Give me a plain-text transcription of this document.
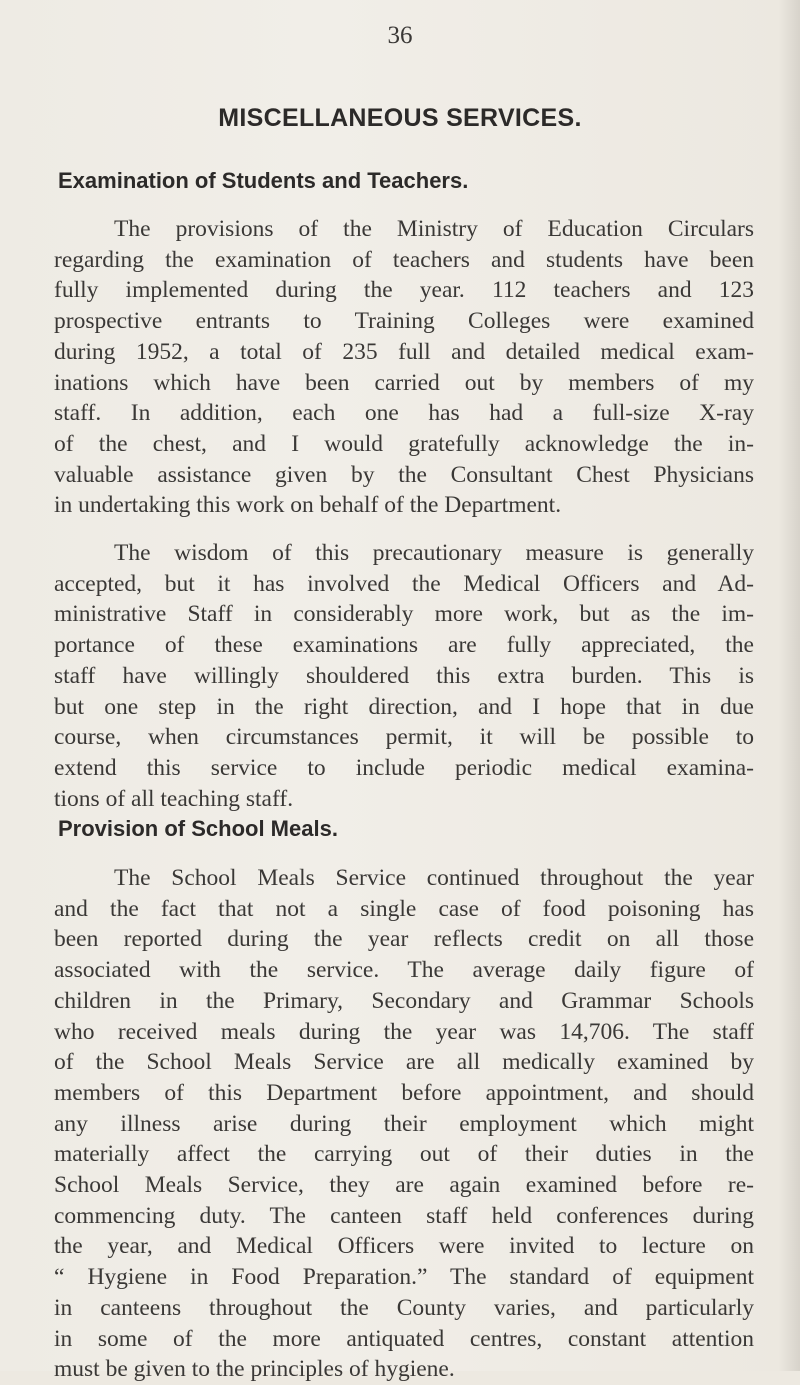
36
MISCELLANEOUS SERVICES.
Examination of Students and Teachers.
The provisions of the Ministry of Education Circulars
regarding the examination of teachers and students have been
fully implemented during the year. 112 teachers and 123
prospective entrants to Training Colleges were examined
during 1952, a total of 235 full and detailed medical exam-
inations which have been carried out by members of my
staff. In addition, each one has had a full-size X-ray
of the chest, and I would gratefully acknowledge the in-
valuable assistance given by the Consultant Chest Physicians
in undertaking this work on behalf of the Department.
The wisdom of this precautionary measure is generally
accepted, but it has involved the Medical Officers and Ad-
ministrative Staff in considerably more work, but as the im-
portance of these examinations are fully appreciated, the
staff have willingly shouldered this extra burden. This is
but one step in the right direction, and I hope that in due
course, when circumstances permit, it will be possible to
extend this service to include periodic medical examina-
tions of all teaching staff.
Provision of School Meals.
The School Meals Service continued throughout the year
and the fact that not a single case of food poisoning has
been reported during the year reflects credit on all those
associated with the service. The average daily figure of
children in the Primary, Secondary and Grammar Schools
who received meals during the year was 14,706. The staff
of the School Meals Service are all medically examined by
members of this Department before appointment, and should
any illness arise during their employment which might
materially affect the carrying out of their duties in the
School Meals Service, they are again examined before re-
commencing duty. The canteen staff held conferences during
the year, and Medical Officers were invited to lecture on
“ Hygiene in Food Preparation.” The standard of equipment
in canteens throughout the County varies, and particularly
in some of the more antiquated centres, constant attention
must be given to the principles of hygiene.
